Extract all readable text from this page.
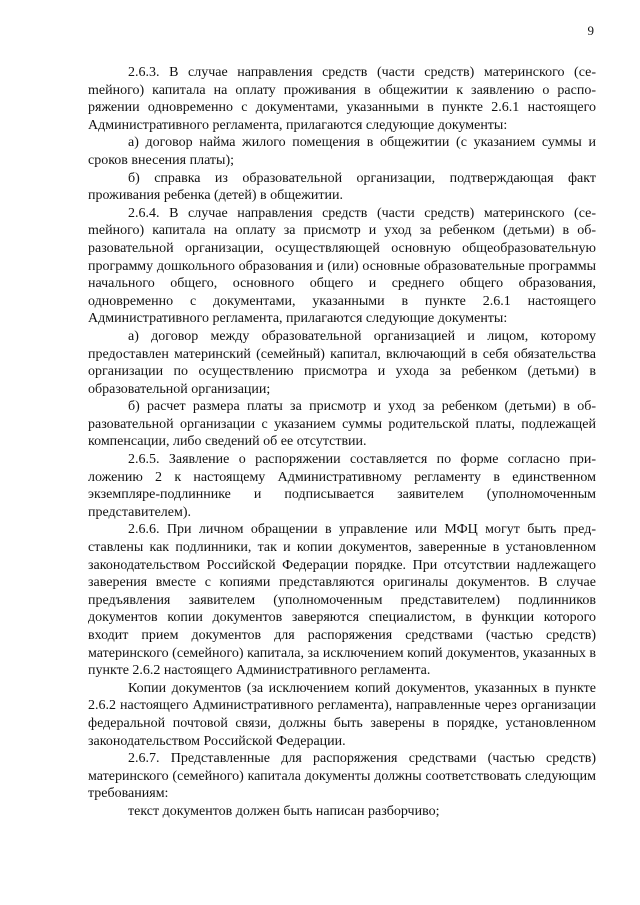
9

2.6.3. В случае направления средств (части средств) материнского (сеmейного) капитала на оплату проживания в общежитии к заявлению о распоряжении одновременно с документами, указанными в пункте 2.6.1 настоящего Административного регламента, прилагаются следующие документы:

а) договор найма жилого помещения в общежитии (с указанием суммы и сроков внесения платы);

б) справка из образовательной организации, подтверждающая факт проживания ребенка (детей) в общежитии.

2.6.4. В случае направления средств (части средств) материнского (сеmейного) капитала на оплату за присмотр и уход за ребенком (детьми) в образовательной организации, осуществляющей основную общеобразовательную программу дошкольного образования и (или) основные образовательные программы начального общего, основного общего и среднего общего образования, одновременно с документами, указанными в пункте 2.6.1 настоящего Административного регламента, прилагаются следующие документы:

а) договор между образовательной организацией и лицом, которому предоставлен материнский (семейный) капитал, включающий в себя обязательства организации по осуществлению присмотра и ухода за ребенком (детьми) в образовательной организации;

б) расчет размера платы за присмотр и уход за ребенком (детьми) в образовательной организации с указанием суммы родительской платы, подлежащей компенсации, либо сведений об ее отсутствии.

2.6.5. Заявление о распоряжении составляется по форме согласно приложению 2 к настоящему Административному регламенту в единственном экземпляре-подлиннике и подписывается заявителем (уполномоченным представителем).

2.6.6. При личном обращении в управление или МФЦ могут быть представлены как подлинники, так и копии документов, заверенные в установленном законодательством Российской Федерации порядке. При отсутствии надлежащего заверения вместе с копиями представляются оригиналы документов. В случае предъявления заявителем (уполномоченным представителем) подлинников документов копии документов заверяются специалистом, в функции которого входит прием документов для распоряжения средствами (частью средств) материнского (семейного) капитала, за исключением копий документов, указанных в пункте 2.6.2 настоящего Административного регламента.

Копии документов (за исключением копий документов, указанных в пункте 2.6.2 настоящего Административного регламента), направленные через организации федеральной почтовой связи, должны быть заверены в порядке, установленном законодательством Российской Федерации.

2.6.7. Представленные для распоряжения средствами (частью средств) материнского (семейного) капитала документы должны соответствовать следующим требованиям:

текст документов должен быть написан разборчиво;
